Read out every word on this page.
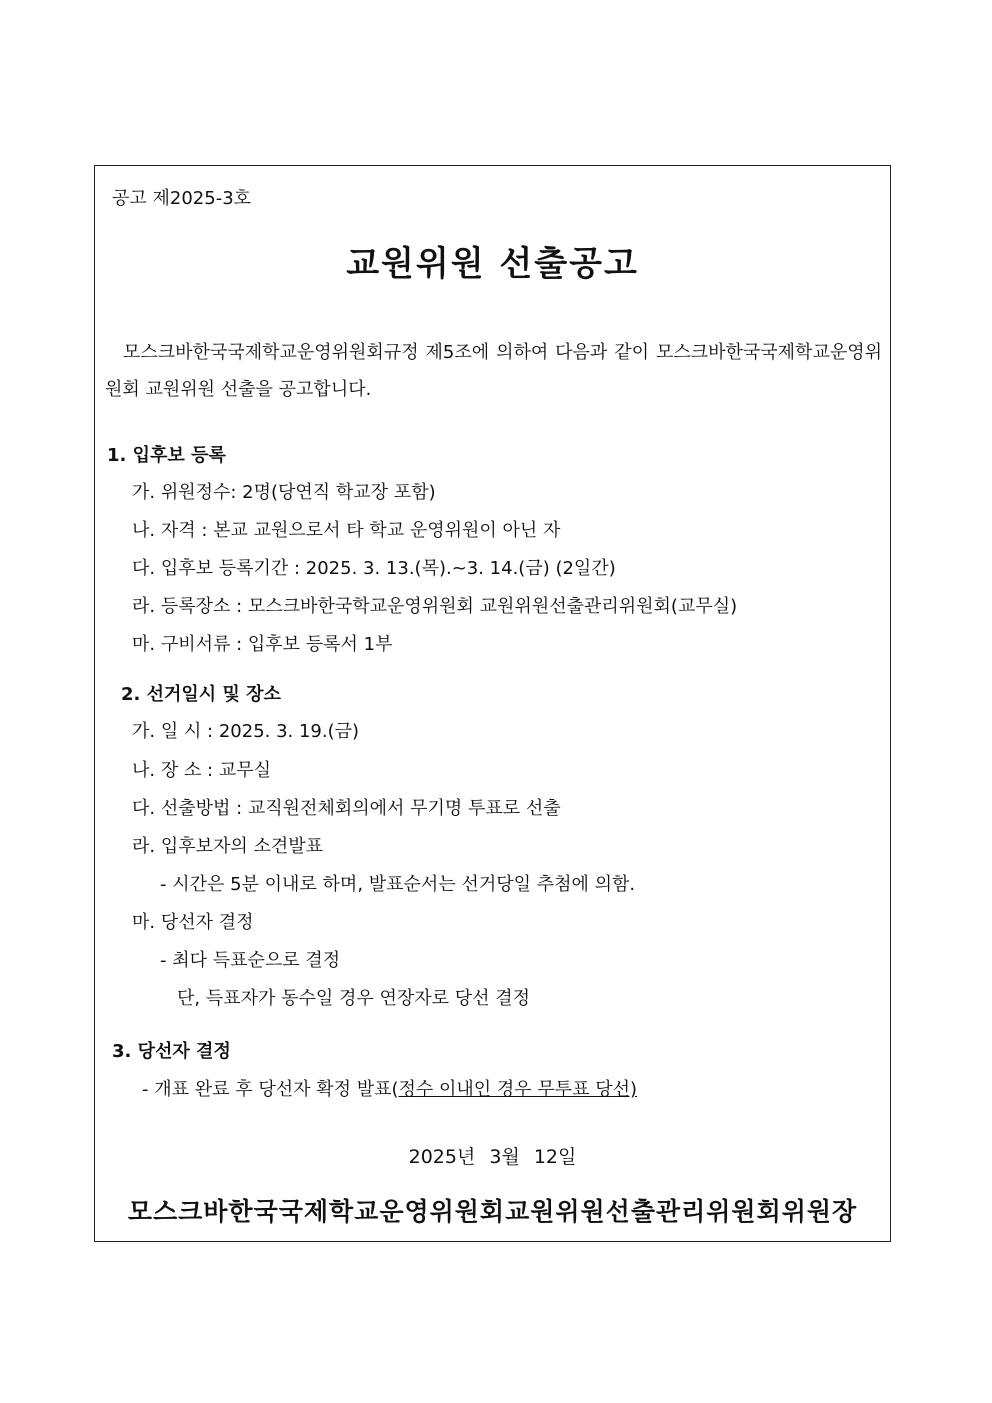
공고 제2025-3호
교원위원 선출공고
모스크바한국국제학교운영위원회규정 제5조에 의하여 다음과 같이 모스크바한국국제학교운영위원회 교원위원 선출을 공고합니다.
1. 입후보 등록
가. 위원정수: 2명(당연직 학교장 포함)
나. 자격 : 본교 교원으로서 타 학교 운영위원이 아닌 자
다. 입후보 등록기간 : 2025. 3. 13.(목).~3. 14.(금) (2일간)
라. 등록장소 : 모스크바한국학교운영위원회 교원위원선출관리위원회(교무실)
마. 구비서류 : 입후보 등록서 1부
2. 선거일시 및 장소
가. 일 시 : 2025. 3. 19.(금)
나. 장 소 : 교무실
다. 선출방법 : 교직원전체회의에서 무기명 투표로 선출
라. 입후보자의 소견발표
- 시간은 5분 이내로 하며, 발표순서는 선거당일 추첨에 의함.
마. 당선자 결정
- 최다 득표순으로 결정
단, 득표자가 동수일 경우 연장자로 당선 결정
3. 당선자 결정
- 개표 완료 후 당선자 확정 발표(정수 이내인 경우 무투표 당선)
2025년 3월 12일
모스크바한국국제학교운영위원회교원위원선출관리위원회위원장
